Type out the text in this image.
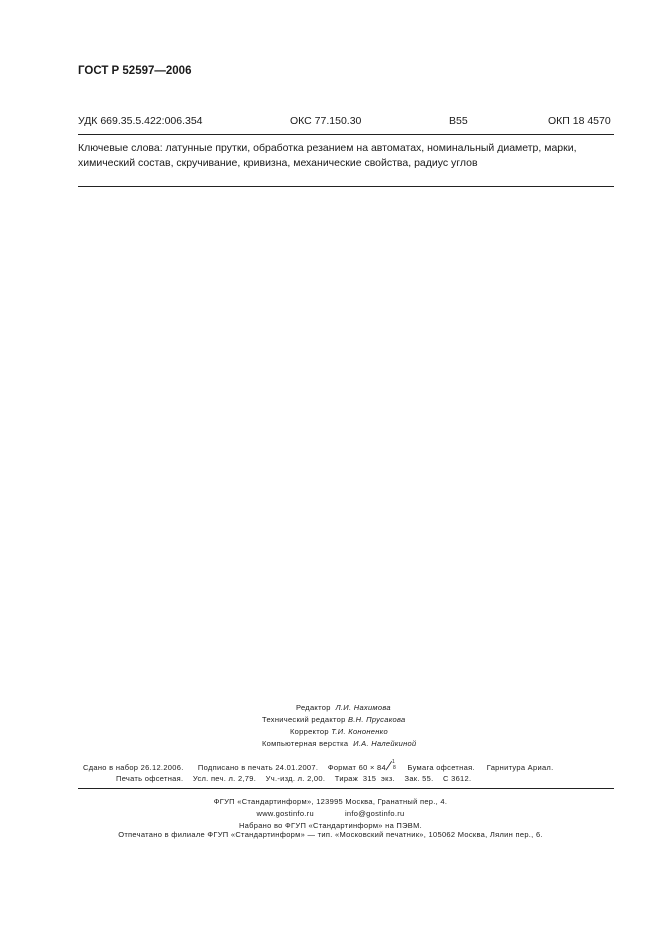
ГОСТ Р 52597—2006
УДК 669.35.5.422:006.354	ОКС 77.150.30	В55	ОКП 18 4570
Ключевые слова: латунные прутки, обработка резанием на автоматах, номинальный диаметр, марки, химический состав, скручивание, кривизна, механические свойства, радиус углов
Редактор Л.И. Нахимова
Технический редактор В.Н. Прусакова
Корректор Т.И. Кононенко
Компьютерная верстка И.А. Налейкиной
Сдано в набор 26.12.2006. Подписано в печать 24.01.2007. Формат 60 × 84
1
/ 8 Бумага офсетная. Гарнитура Ариал.
Печать офсетная.    Усл. печ. л. 2,79.    Уч.-изд. л. 2,00.    Тираж  315  экз.    Зак. 55.    С 3612.
ФГУП «Стандартинформ», 123995 Москва, Гранатный пер., 4.
www.gostinfo.ru	info@gostinfo.ru
Набрано во ФГУП «Стандартинформ» на ПЭВМ.
Отпечатано в филиале ФГУП «Стандартинформ» — тип. «Московский печатник», 105062 Москва, Лялин пер., 6.
